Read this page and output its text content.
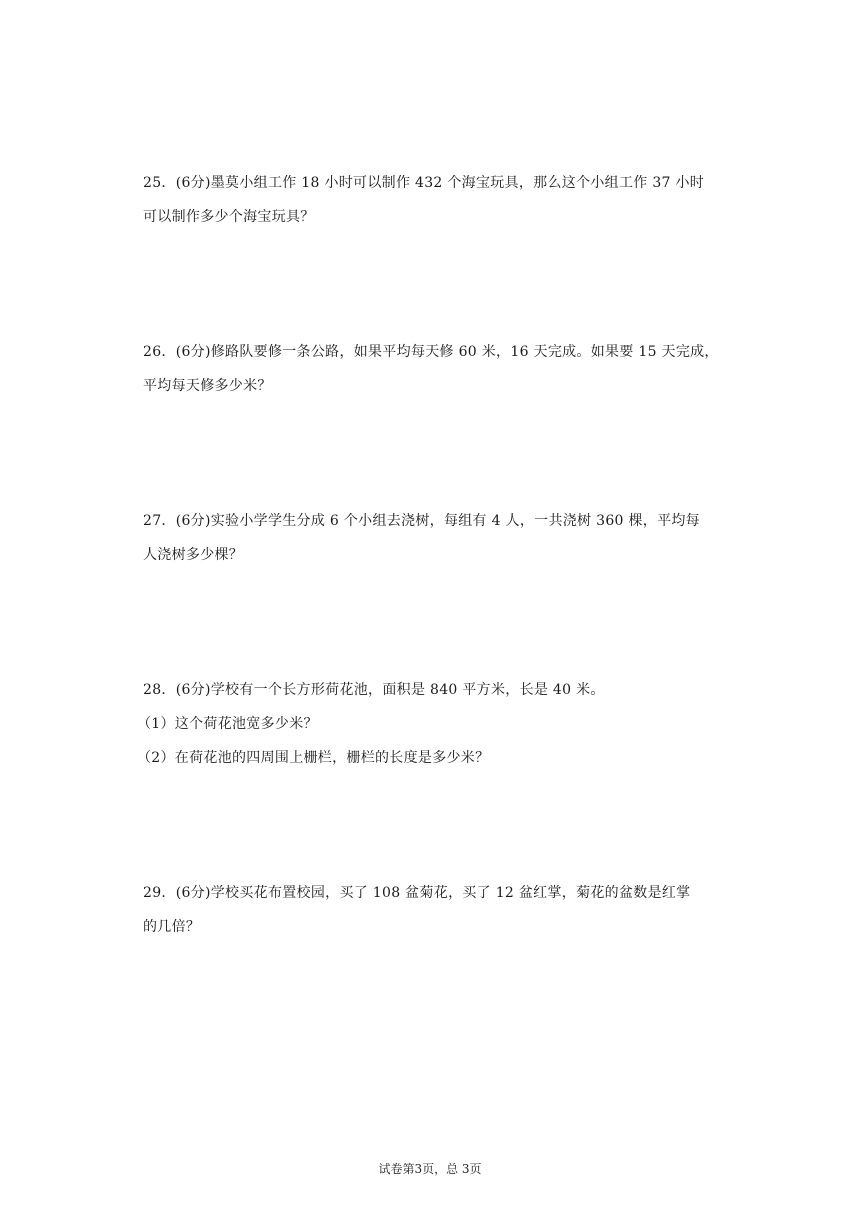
25．(6分)墨莫小组工作 18 小时可以制作 432 个海宝玩具，那么这个小组工作 37 小时

可以制作多少个海宝玩具？

26．(6分)修路队要修一条公路，如果平均每天修 60 米，16 天完成。如果要 15 天完成，

平均每天修多少米？

27．(6分)实验小学学生分成 6 个小组去浇树，每组有 4 人，一共浇树 360 棵，平均每

人浇树多少棵？

28．(6分)学校有一个长方形荷花池，面积是 840 平方米，长是 40 米。

（1）这个荷花池宽多少米？

（2）在荷花池的四周围上栅栏，栅栏的长度是多少米？

29．(6分)学校买花布置校园，买了 108 盆菊花，买了 12 盆红掌，菊花的盆数是红掌

的几倍？

试卷第3页，总 3页
